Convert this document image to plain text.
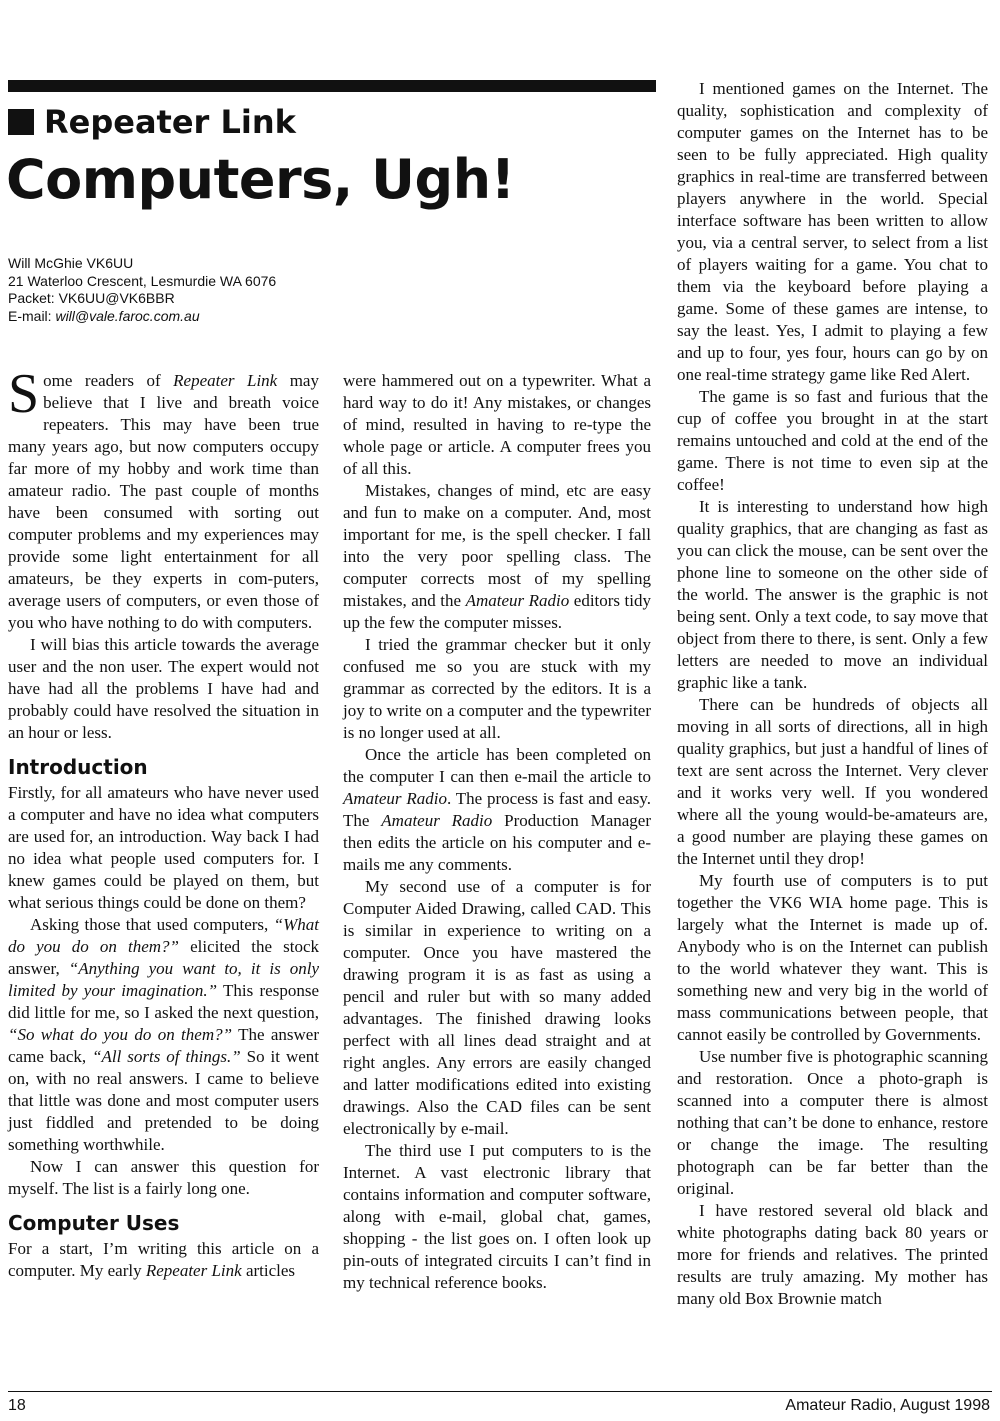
Repeater Link
Computers, Ugh!
Will McGhie VK6UU
21 Waterloo Crescent, Lesmurdie WA 6076
Packet: VK6UU@VK6BBR
E-mail: will@vale.faroc.com.au

Some readers of Repeater Link may believe that I live and breath voice repeaters. This may have been true many years ago, but now computers occupy far more of my hobby and work time than amateur radio. The past couple of months have been consumed with sorting out computer problems and my experiences may provide some light entertainment for all amateurs, be they experts in com-puters, average users of computers, or even those of you who have nothing to do with computers.

I will bias this article towards the average user and the non user. The expert would not have had all the problems I have had and probably could have resolved the situation in an hour or less.

Introduction

Firstly, for all amateurs who have never used a computer and have no idea what computers are used for, an introduction. Way back I had no idea what people used computers for. I knew games could be played on them, but what serious things could be done on them?

Asking those that used computers, “What do you do on them?” elicited the stock answer, “Anything you want to, it is only limited by your imagination.” This response did little for me, so I asked the next question, “So what do you do on them?” The answer came back, “All sorts of things.” So it went on, with no real answers. I came to believe that little was done and most computer users just fiddled and pretended to be doing something worthwhile.

Now I can answer this question for myself. The list is a fairly long one.

Computer Uses

For a start, I’m writing this article on a computer. My early Repeater Link articles

were hammered out on a typewriter. What a hard way to do it! Any mistakes, or changes of mind, resulted in having to re-type the whole page or article. A computer frees you of all this.

Mistakes, changes of mind, etc are easy and fun to make on a computer. And, most important for me, is the spell checker. I fall into the very poor spelling class. The computer corrects most of my spelling mistakes, and the Amateur Radio editors tidy up the few the computer misses.

I tried the grammar checker but it only confused me so you are stuck with my grammar as corrected by the editors. It is a joy to write on a computer and the typewriter is no longer used at all.

Once the article has been completed on the computer I can then e-mail the article to Amateur Radio. The process is fast and easy. The Amateur Radio Production Manager then edits the article on his computer and e-mails me any comments.

My second use of a computer is for Computer Aided Drawing, called CAD. This is similar in experience to writing on a computer. Once you have mastered the drawing program it is as fast as using a pencil and ruler but with so many added advantages. The finished drawing looks perfect with all lines dead straight and at right angles. Any errors are easily changed and latter modifications edited into existing drawings. Also the CAD files can be sent electronically by e-mail.

The third use I put computers to is the Internet. A vast electronic library that contains information and computer software, along with e-mail, global chat, games, shopping - the list goes on. I often look up pin-outs of integrated circuits I can’t find in my technical reference books.

I mentioned games on the Internet. The quality, sophistication and complexity of computer games on the Internet has to be seen to be fully appreciated. High quality graphics in real-time are transferred between players anywhere in the world. Special interface software has been written to allow you, via a central server, to select from a list of players waiting for a game. You chat to them via the keyboard before playing a game. Some of these games are intense, to say the least. Yes, I admit to playing a few and up to four, yes four, hours can go by on one real-time strategy game like Red Alert.

The game is so fast and furious that the cup of coffee you brought in at the start remains untouched and cold at the end of the game. There is not time to even sip at the coffee!

It is interesting to understand how high quality graphics, that are changing as fast as you can click the mouse, can be sent over the phone line to someone on the other side of the world. The answer is the graphic is not being sent. Only a text code, to say move that object from there to there, is sent. Only a few letters are needed to move an individual graphic like a tank.

There can be hundreds of objects all moving in all sorts of directions, all in high quality graphics, but just a handful of lines of text are sent across the Internet. Very clever and it works very well. If you wondered where all the young would-be-amateurs are, a good number are playing these games on the Internet until they drop!

My fourth use of computers is to put together the VK6 WIA home page. This is largely what the Internet is made up of. Anybody who is on the Internet can publish to the world whatever they want. This is something new and very big in the world of mass communications between people, that cannot easily be controlled by Governments.

Use number five is photographic scanning and restoration. Once a photo-graph is scanned into a computer there is almost nothing that can’t be done to enhance, restore or change the image. The resulting photograph can be far better than the original.

I have restored several old black and white photographs dating back 80 years or more for friends and relatives. The printed results are truly amazing. My mother has many old Box Brownie match

18	Amateur Radio, August 1998
